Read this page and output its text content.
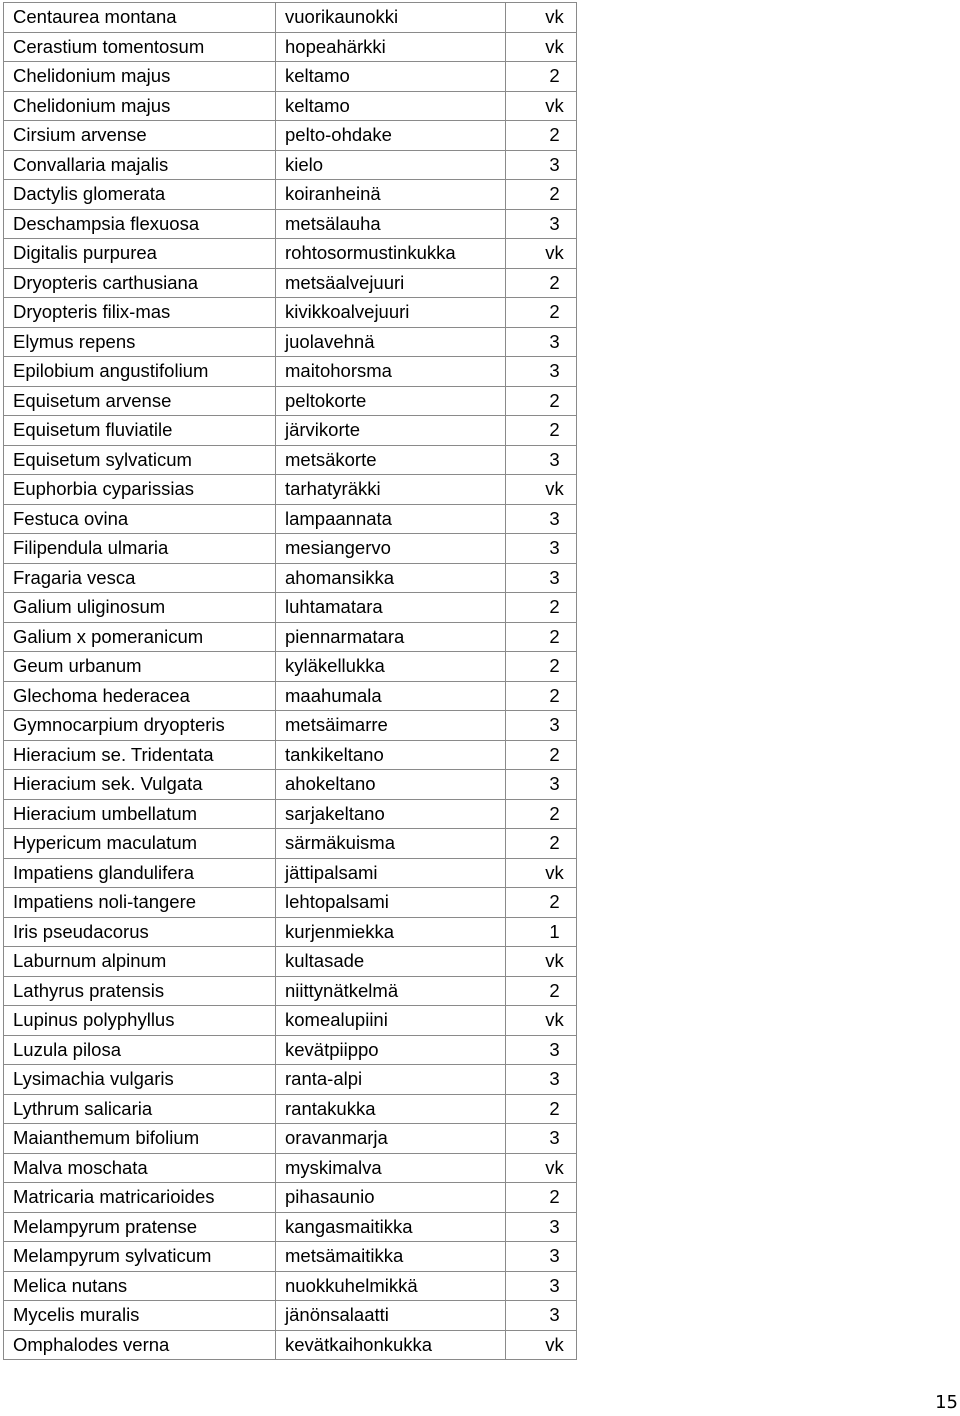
Centaurea montana	vuorikaunokki	vk
Cerastium tomentosum	hopeahärkki	vk
Chelidonium majus	keltamo	2
Chelidonium majus	keltamo	vk
Cirsium arvense	pelto-ohdake	2
Convallaria majalis	kielo	3
Dactylis glomerata	koiranheinä	2
Deschampsia flexuosa	metsälauha	3
Digitalis purpurea	rohtosormustinkukka	vk
Dryopteris carthusiana	metsäalvejuuri	2
Dryopteris filix-mas	kivikkoalvejuuri	2
Elymus repens	juolavehnä	3
Epilobium angustifolium	maitohorsma	3
Equisetum arvense	peltokorte	2
Equisetum fluviatile	järvikorte	2
Equisetum sylvaticum	metsäkorte	3
Euphorbia cyparissias	tarhatyräkki	vk
Festuca ovina	lampaannata	3
Filipendula ulmaria	mesiangervo	3
Fragaria vesca	ahomansikka	3
Galium uliginosum	luhtamatara	2
Galium x pomeranicum	piennarmatara	2
Geum urbanum	kyläkellukka	2
Glechoma hederacea	maahumala	2
Gymnocarpium dryopteris	metsäimarre	3
Hieracium se. Tridentata	tankikeltano	2
Hieracium sek. Vulgata	ahokeltano	3
Hieracium umbellatum	sarjakeltano	2
Hypericum maculatum	särmäkuisma	2
Impatiens glandulifera	jättipalsami	vk
Impatiens noli-tangere	lehtopalsami	2
Iris pseudacorus	kurjenmiekka	1
Laburnum alpinum	kultasade	vk
Lathyrus pratensis	niittynätkelmä	2
Lupinus polyphyllus	komealupiini	vk
Luzula pilosa	kevätpiippo	3
Lysimachia vulgaris	ranta-alpi	3
Lythrum salicaria	rantakukka	2
Maianthemum bifolium	oravanmarja	3
Malva moschata	myskimalva	vk
Matricaria matricarioides	pihasaunio	2
Melampyrum pratense	kangasmaitikka	3
Melampyrum sylvaticum	metsämaitikka	3
Melica nutans	nuokkuhelmikkä	3
Mycelis muralis	jänönsalaatti	3
Omphalodes verna	kevätkaihonkukka	vk
15
